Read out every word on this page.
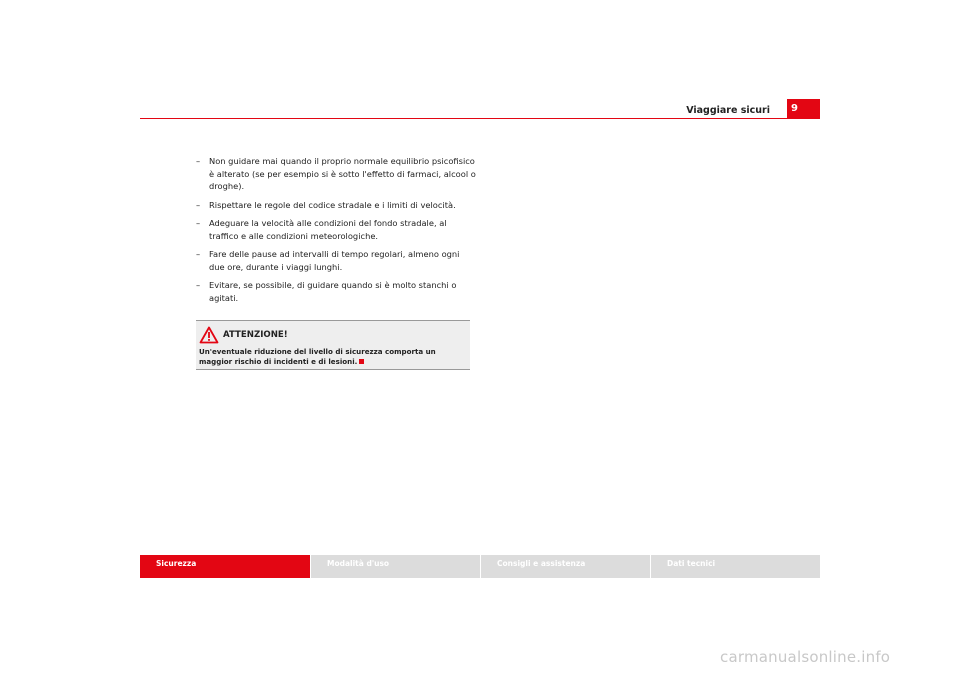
Viaggiare sicuri 9
– Non guidare mai quando il proprio normale equilibrio psicofisico è alterato (se per esempio si è sotto l'effetto di farmaci, alcool o droghe).
– Rispettare le regole del codice stradale e i limiti di velocità.
– Adeguare la velocità alle condizioni del fondo stradale, al traffico e alle condizioni meteorologiche.
– Fare delle pause ad intervalli di tempo regolari, almeno ogni due ore, durante i viaggi lunghi.
– Evitare, se possibile, di guidare quando si è molto stanchi o agitati.
ATTENZIONE!
Un'eventuale riduzione del livello di sicurezza comporta un maggior rischio di incidenti e di lesioni.
Sicurezza	Modalità d'uso	Consigli e assistenza	Dati tecnici
carmanualsonline.info
